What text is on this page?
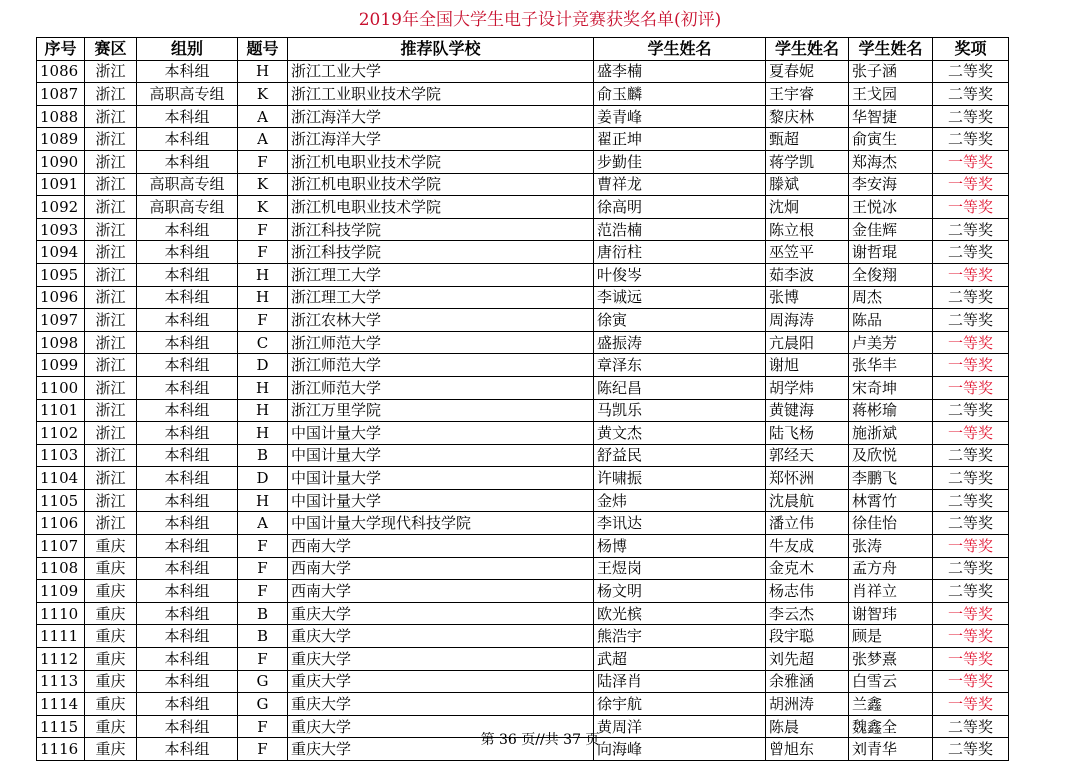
2019年全国大学生电子设计竞赛获奖名单(初评)
序号	赛区	组别	题号	推荐队学校	学生姓名	学生姓名	学生姓名	奖项
1086	浙江	本科组	H	浙江工业大学	盛李楠	夏春妮	张子涵	二等奖
1087	浙江	高职高专组	K	浙江工业职业技术学院	俞玉麟	王宇睿	王戈园	二等奖
1088	浙江	本科组	A	浙江海洋大学	姜青峰	黎庆林	华智捷	二等奖
1089	浙江	本科组	A	浙江海洋大学	翟正坤	甄超	俞寅生	二等奖
1090	浙江	本科组	F	浙江机电职业技术学院	步勤佳	蒋学凯	郑海杰	一等奖
1091	浙江	高职高专组	K	浙江机电职业技术学院	曹祥龙	滕斌	李安海	一等奖
1092	浙江	高职高专组	K	浙江机电职业技术学院	徐高明	沈炯	王悦冰	一等奖
1093	浙江	本科组	F	浙江科技学院	范浩楠	陈立根	金佳辉	二等奖
1094	浙江	本科组	F	浙江科技学院	唐衍柱	巫笠平	谢哲琨	二等奖
1095	浙江	本科组	H	浙江理工大学	叶俊岑	茹李波	全俊翔	一等奖
1096	浙江	本科组	H	浙江理工大学	李诚远	张博	周杰	二等奖
1097	浙江	本科组	F	浙江农林大学	徐寅	周海涛	陈品	二等奖
1098	浙江	本科组	C	浙江师范大学	盛振涛	亢晨阳	卢美芳	一等奖
1099	浙江	本科组	D	浙江师范大学	章泽东	谢旭	张华丰	一等奖
1100	浙江	本科组	H	浙江师范大学	陈纪昌	胡学炜	宋奇坤	一等奖
1101	浙江	本科组	H	浙江万里学院	马凯乐	黄键海	蒋彬瑜	二等奖
1102	浙江	本科组	H	中国计量大学	黄文杰	陆飞杨	施浙斌	一等奖
1103	浙江	本科组	B	中国计量大学	舒益民	郭经天	及欣悦	二等奖
1104	浙江	本科组	D	中国计量大学	许啸振	郑怀洲	李鹏飞	二等奖
1105	浙江	本科组	H	中国计量大学	金炜	沈晨航	林霄竹	二等奖
1106	浙江	本科组	A	中国计量大学现代科技学院	李讯达	潘立伟	徐佳怡	二等奖
1107	重庆	本科组	F	西南大学	杨博	牛友成	张涛	一等奖
1108	重庆	本科组	F	西南大学	王煜岗	金克木	孟方舟	二等奖
1109	重庆	本科组	F	西南大学	杨文明	杨志伟	肖祥立	二等奖
1110	重庆	本科组	B	重庆大学	欧光槟	李云杰	谢智玮	一等奖
1111	重庆	本科组	B	重庆大学	熊浩宇	段宇聪	顾是	一等奖
1112	重庆	本科组	F	重庆大学	武超	刘先超	张梦熹	一等奖
1113	重庆	本科组	G	重庆大学	陆泽肖	余雅涵	白雪云	一等奖
1114	重庆	本科组	G	重庆大学	徐宇航	胡洲涛	兰鑫	一等奖
1115	重庆	本科组	F	重庆大学	黄周洋	陈晨	魏鑫全	二等奖
1116	重庆	本科组	F	重庆大学	向海峰	曾旭东	刘青华	二等奖
第 36 页//共 37 页
